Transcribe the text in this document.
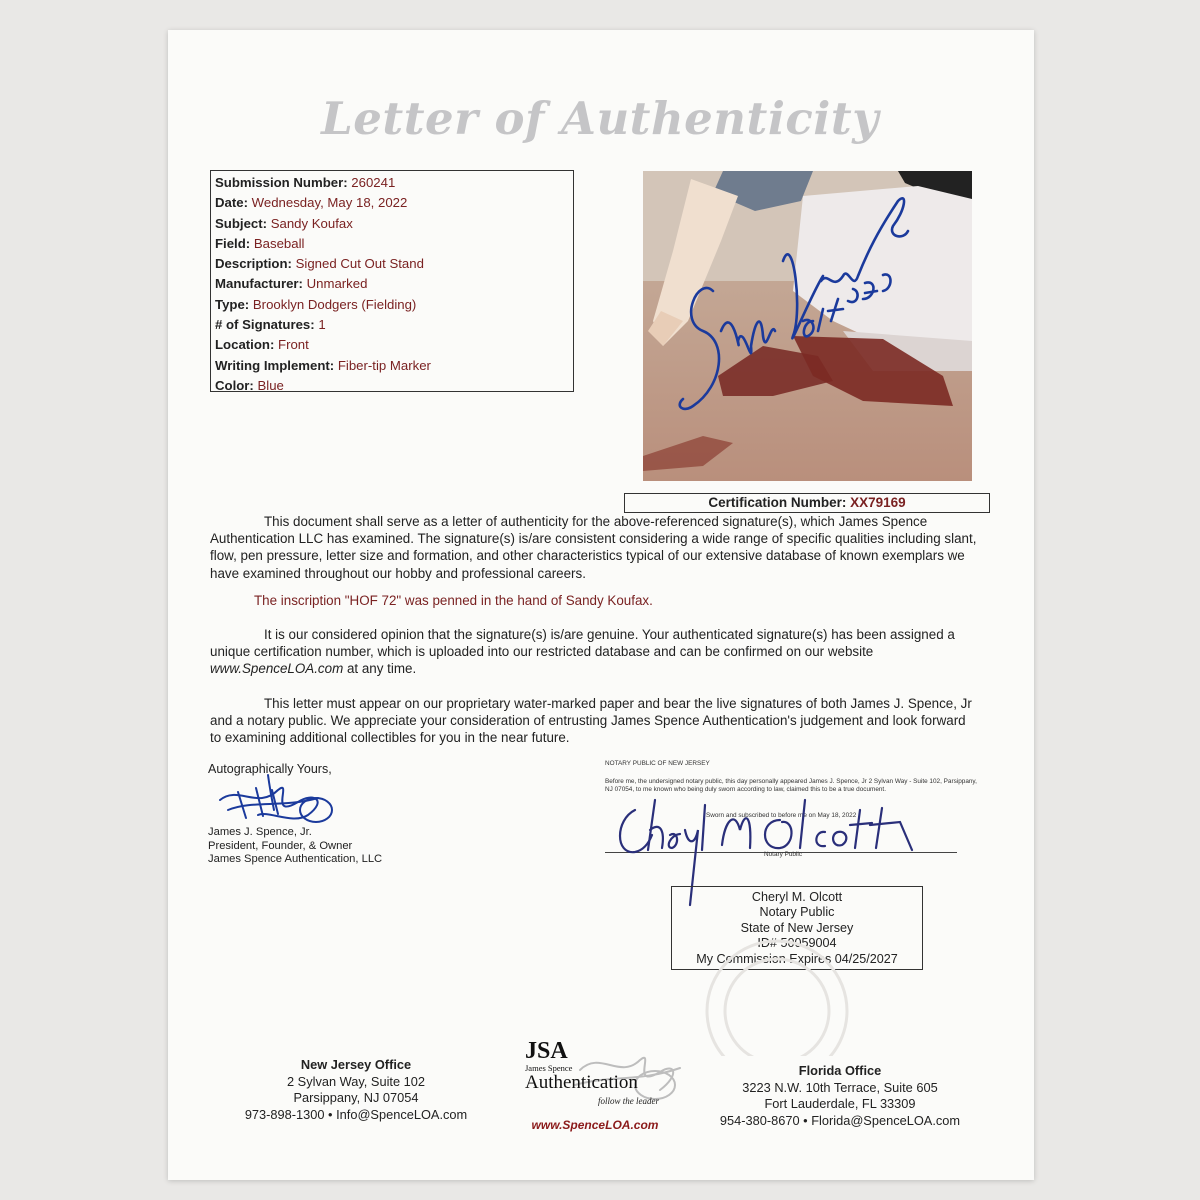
Letter of Authenticity
Submission Number: 260241
Date: Wednesday, May 18, 2022
Subject: Sandy Koufax
Field: Baseball
Description: Signed Cut Out Stand
Manufacturer: Unmarked
Type: Brooklyn Dodgers (Fielding)
# of Signatures: 1
Location: Front
Writing Implement: Fiber-tip Marker
Color: Blue
Certification Number: XX79169
This document shall serve as a letter of authenticity for the above-referenced signature(s), which James Spence Authentication LLC has examined. The signature(s) is/are consistent considering a wide range of specific qualities including slant, flow, pen pressure, letter size and formation, and other characteristics typical of our extensive database of known exemplars we have examined throughout our hobby and professional careers.
The inscription "HOF 72" was penned in the hand of Sandy Koufax.
It is our considered opinion that the signature(s) is/are genuine. Your authenticated signature(s) has been assigned a unique certification number, which is uploaded into our restricted database and can be confirmed on our website www.SpenceLOA.com at any time.
This letter must appear on our proprietary water-marked paper and bear the live signatures of both James J. Spence, Jr and a notary public. We appreciate your consideration of entrusting James Spence Authentication's judgement and look forward to examining additional collectibles for you in the near future.
Autographically Yours,
James J. Spence, Jr.
President, Founder, & Owner
James Spence Authentication, LLC
NOTARY PUBLIC OF NEW JERSEY
Before me, the undersigned notary public, this day personally appeared James J. Spence, Jr 2 Sylvan Way - Suite 102, Parsippany, NJ 07054, to me known who being duly sworn according to law, claimed this to be a true document.
Sworn and subscribed to before me on May 18, 2022
Notary Public
Cheryl M. Olcott
Notary Public
State of New Jersey
ID# 50059004
My Commission Expires 04/25/2027
New Jersey Office
2 Sylvan Way, Suite 102
Parsippany, NJ 07054
973-898-1300 • Info@SpenceLOA.com
JSA
James Spence
Authentication
follow the leader
www.SpenceLOA.com
Florida Office
3223 N.W. 10th Terrace, Suite 605
Fort Lauderdale, FL 33309
954-380-8670 • Florida@SpenceLOA.com
